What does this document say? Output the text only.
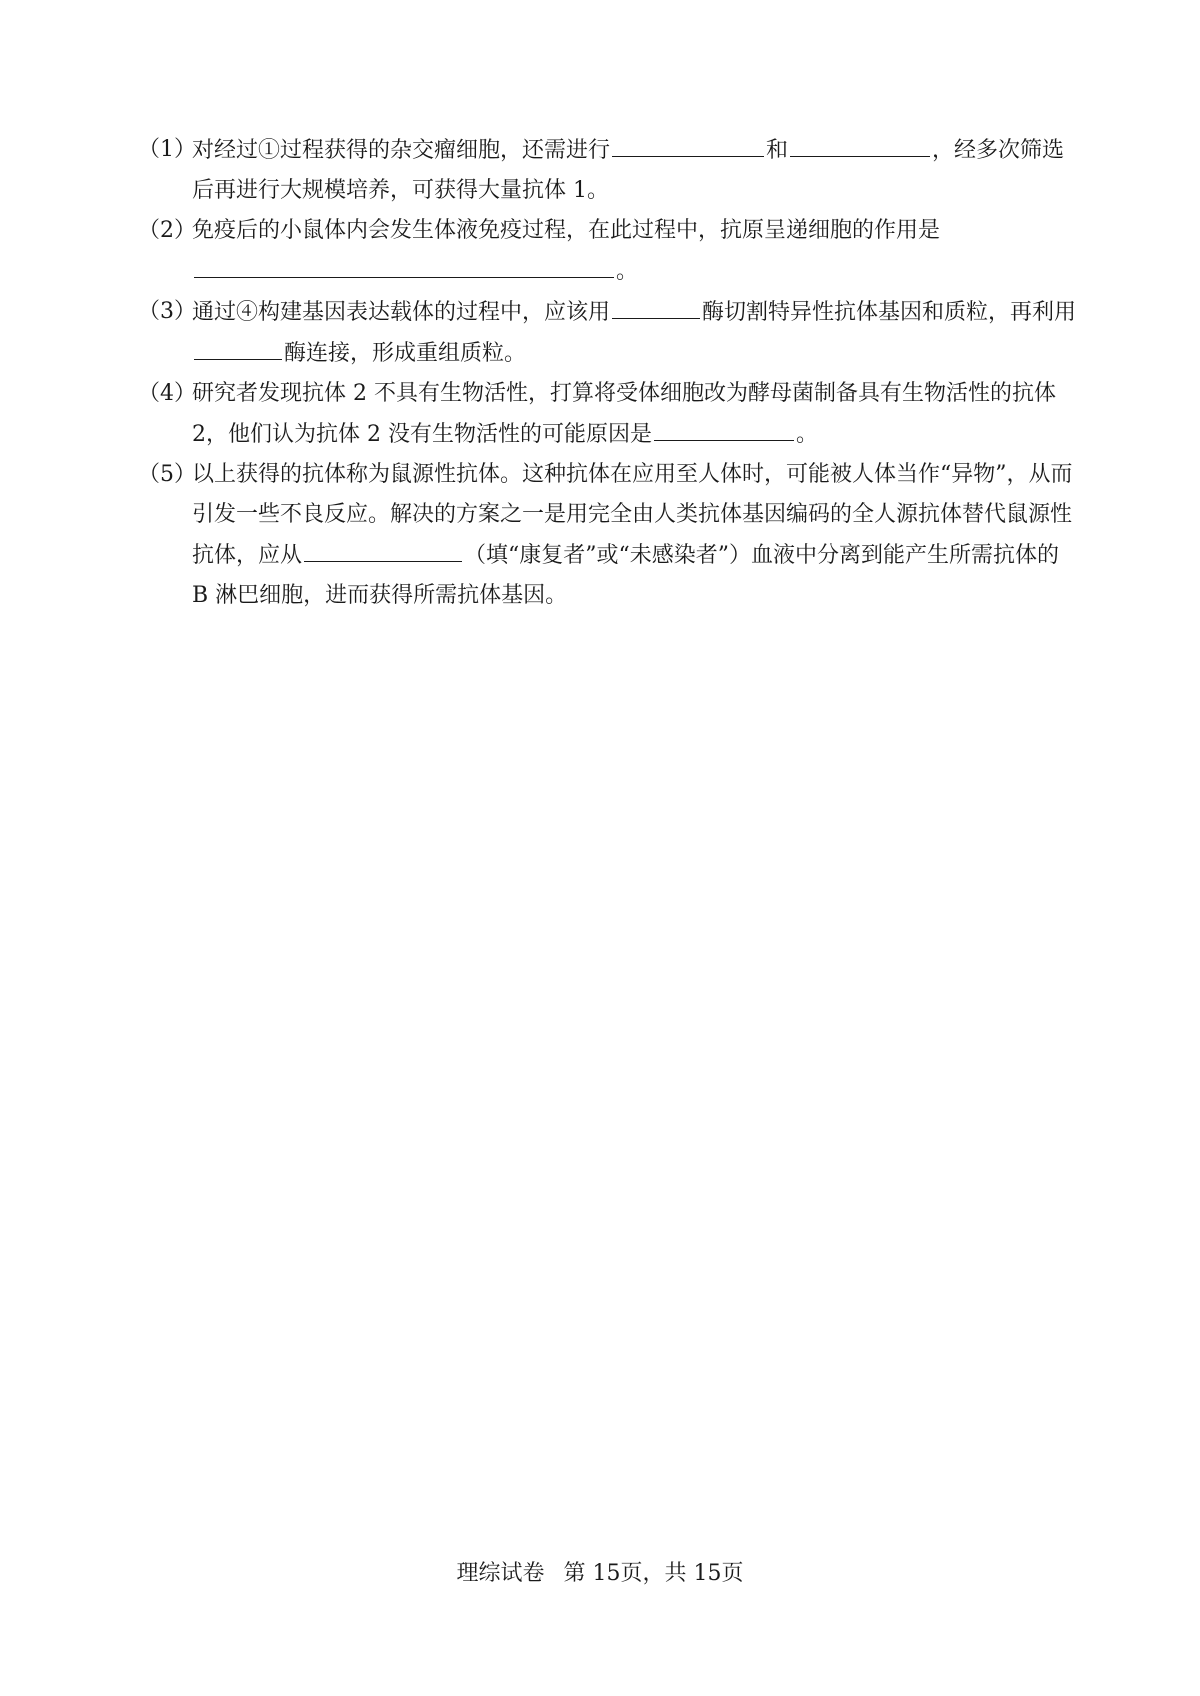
（1）
对经过①过程获得的杂交瘤细胞，还需进行	和	，经多次筛选后再进行大规模培养，可获得大量抗体 1。
（2）
免疫后的小鼠体内会发生体液免疫过程，在此过程中，抗原呈递细胞的作用是
。
（3）
通过④构建基因表达载体的过程中，应该用	酶切割特异性抗体基因和质粒，再利用酶连接，形成重组质粒。
（4）
研究者发现抗体 2 不具有生物活性，打算将受体细胞改为酵母菌制备具有生物活性的抗体 2，他们认为抗体 2 没有生物活性的可能原因是	。
（5）
以上获得的抗体称为鼠源性抗体。这种抗体在应用至人体时，可能被人体当作“异物”，从而引发一些不良反应。解决的方案之一是用完全由人类抗体基因编码的全人源抗体替代鼠源性抗体，应从	（填“康复者”或“未感染者”）血液中分离到能产生所需抗体的 B 淋巴细胞，进而获得所需抗体基因。
理综试卷 第 15页，共 15页
